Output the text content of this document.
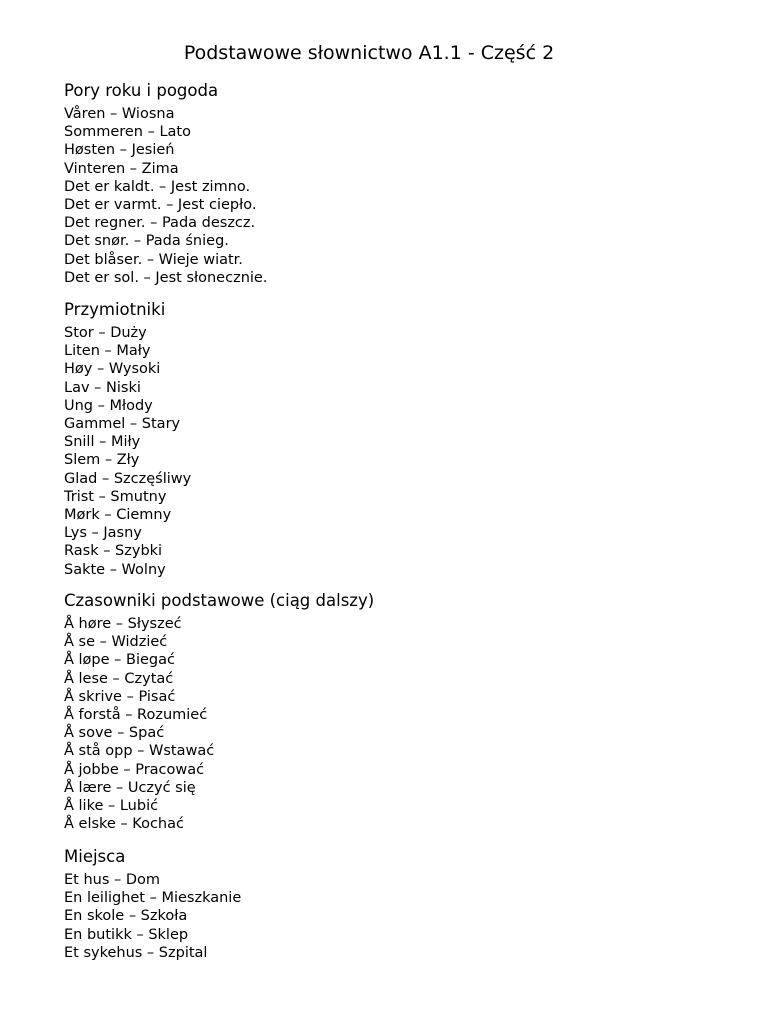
Podstawowe słownictwo A1.1 - Część 2
Pory roku i pogoda
Våren – Wiosna
Sommeren – Lato
Høsten – Jesień
Vinteren – Zima
Det er kaldt. – Jest zimno.
Det er varmt. – Jest ciepło.
Det regner. – Pada deszcz.
Det snør. – Pada śnieg.
Det blåser. – Wieje wiatr.
Det er sol. – Jest słonecznie.
Przymiotniki
Stor – Duży
Liten – Mały
Høy – Wysoki
Lav – Niski
Ung – Młody
Gammel – Stary
Snill – Miły
Slem – Zły
Glad – Szczęśliwy
Trist – Smutny
Mørk – Ciemny
Lys – Jasny
Rask – Szybki
Sakte – Wolny
Czasowniki podstawowe (ciąg dalszy)
Å høre – Słyszeć
Å se – Widzieć
Å løpe – Biegać
Å lese – Czytać
Å skrive – Pisać
Å forstå – Rozumieć
Å sove – Spać
Å stå opp – Wstawać
Å jobbe – Pracować
Å lære – Uczyć się
Å like – Lubić
Å elske – Kochać
Miejsca
Et hus – Dom
En leilighet – Mieszkanie
En skole – Szkoła
En butikk – Sklep
Et sykehus – Szpital
